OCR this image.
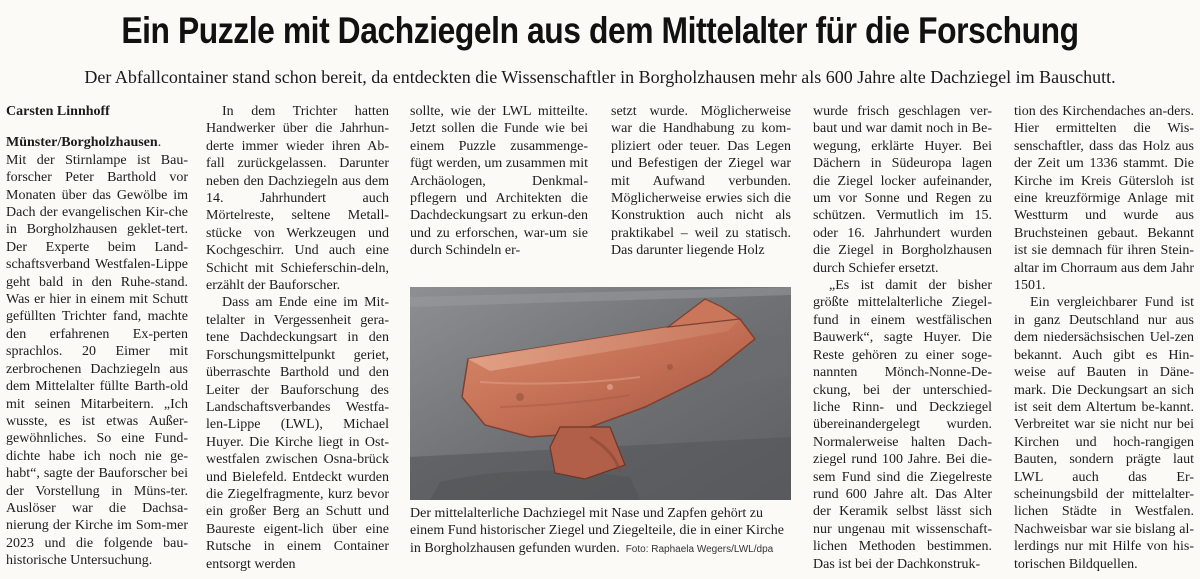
Ein Puzzle mit Dachziegeln aus dem Mittelalter für die Forschung
Der Abfallcontainer stand schon bereit, da entdeckten die Wissenschaftler in Borgholzhausen mehr als 600 Jahre alte Dachziegel im Bauschutt.

Carsten Linnhoff

Münster/Borgholzhausen.
Mit der Stirnlampe ist Bau-forscher Peter Barthold vor Monaten über das Gewölbe im Dach der evangelischen Kir-che in Borgholzhausen geklet-tert. Der Experte beim Land-schaftsverband Westfalen-Lippe geht bald in den Ruhe-stand. Was er hier in einem mit Schutt gefüllten Trichter fand, machte den erfahrenen Ex-perten sprachlos. 20 Eimer mit zerbrochenen Dachziegeln aus dem Mittelalter füllte Barth-old mit seinen Mitarbeitern. „Ich wusste, es ist etwas Außer-gewöhnliches. So eine Fund-dichte habe ich noch nie ge-habt“, sagte der Bauforscher bei der Vorstellung in Müns-ter. Auslöser war die Dachsa-nierung der Kirche im Som-mer 2023 und die folgende bau-historische Untersuchung.

In dem Trichter hatten Handwerker über die Jahrhun-derte immer wieder ihren Ab-fall zurückgelassen. Darunter neben den Dachziegeln aus dem 14. Jahrhundert auch Mörtelreste, seltene Metall-stücke von Werkzeugen und Kochgeschirr. Und auch eine Schicht mit Schieferschin-deln, erzählt der Bauforscher.

Dass am Ende eine im Mit-telalter in Vergessenheit gera-tene Dachdeckungsart in den Forschungsmittelpunkt geriet, überraschte Barthold und den Leiter der Bauforschung des Landschaftsverbandes Westfa-len-Lippe (LWL), Michael Huyer. Die Kirche liegt in Ost-westfalen zwischen Osna-brück und Bielefeld. Entdeckt wurden die Ziegelfragmente, kurz bevor ein großer Berg an Schutt und Baureste eigent-lich über eine Rutsche in einem Container entsorgt werden

sollte, wie der LWL mitteilte. Jetzt sollen die Funde wie bei einem Puzzle zusammenge-fügt werden, um zusammen mit Archäologen, Denkmal-pflegern und Architekten die Dachdeckungsart zu erkun-den und zu erforschen, war-um sie durch Schindeln er-

setzt wurde. Möglicherweise war die Handhabung zu kom-pliziert oder teuer. Das Legen und Befestigen der Ziegel war mit Aufwand verbunden. Möglicherweise erwies sich die Konstruktion auch nicht als praktikabel – weil zu statisch. Das darunter liegende Holz

wurde frisch geschlagen ver-baut und war damit noch in Be-wegung, erklärte Huyer. Bei Dächern in Südeuropa lagen die Ziegel locker aufeinander, um vor Sonne und Regen zu schützen. Vermutlich im 15. oder 16. Jahrhundert wurden die Ziegel in Borgholzhausen durch Schiefer ersetzt.

„Es ist damit der bisher größte mittelalterliche Ziegel-fund in einem westfälischen Bauwerk“, sagte Huyer. Die Reste gehören zu einer soge-nannten Mönch-Nonne-De-ckung, bei der unterschied-liche Rinn- und Deckziegel übereinandergelegt wurden. Normalerweise halten Dach-ziegel rund 100 Jahre. Bei die-sem Fund sind die Ziegelreste rund 600 Jahre alt. Das Alter der Keramik selbst lässt sich nur ungenau mit wissenschaft-lichen Methoden bestimmen. Das ist bei der Dachkonstruk-

tion des Kirchendaches an-ders. Hier ermittelten die Wis-senschaftler, dass das Holz aus der Zeit um 1336 stammt. Die Kirche im Kreis Gütersloh ist eine kreuzförmige Anlage mit Westturm und wurde aus Bruchsteinen gebaut. Bekannt ist sie demnach für ihren Stein-altar im Chorraum aus dem Jahr 1501.

Ein vergleichbarer Fund ist in ganz Deutschland nur aus dem niedersächsischen Uel-zen bekannt. Auch gibt es Hin-weise auf Bauten in Däne-mark. Die Deckungsart an sich ist seit dem Altertum be-kannt. Verbreitet war sie nicht nur bei Kirchen und hoch-rangigen Bauten, sondern prägte laut LWL auch das Er-scheinungsbild der mittelalter-lichen Städte in Westfalen. Nachweisbar war sie bislang al-lerdings nur mit Hilfe von his-torischen Bildquellen.

Der mittelalterliche Dachziegel mit Nase und Zapfen gehört zu einem Fund historischer Ziegel und Ziegelteile, die in einer Kirche in Borgholzhausen gefunden wurden. Foto: Raphaela Wegers/LWL/dpa
